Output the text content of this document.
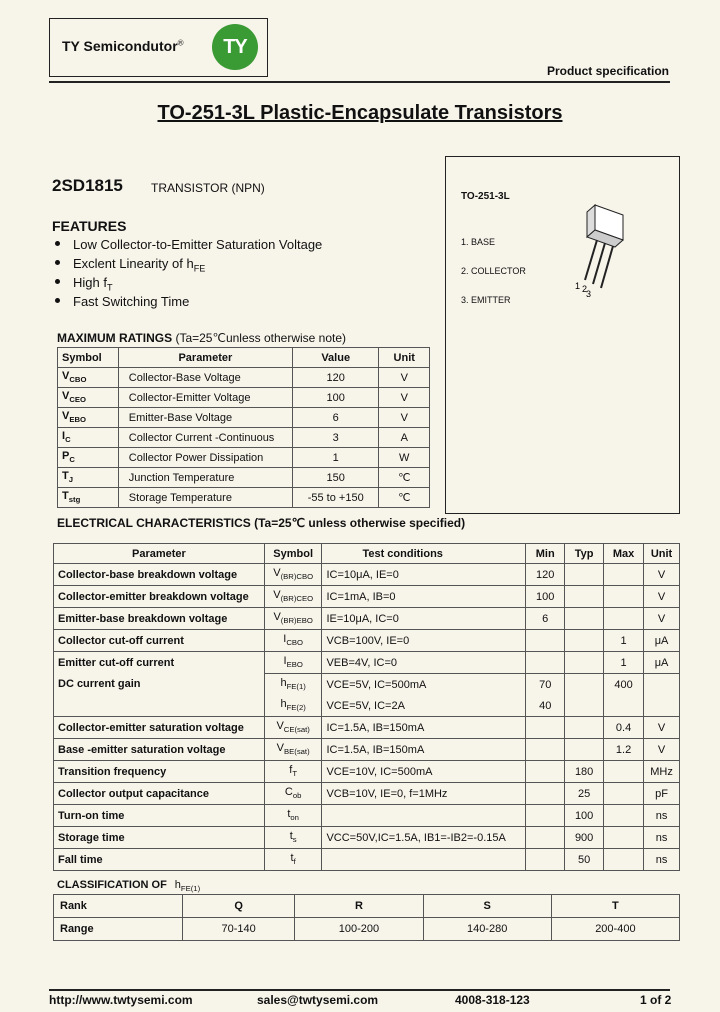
TY Semicondutor®	TY
Product specification
TO-251-3L Plastic-Encapsulate Transistors
2SD1815 TRANSISTOR (NPN)
FEATURES
Low Collector-to-Emitter Saturation Voltage
Exclent Linearity of $h_{FE}$
High $f_T$
Fast Switching Time
TO-251-3L
1. BASE
2. COLLECTOR
3. EMITTER
1 2
3
MAXIMUM RATINGS (Ta=25℃unless otherwise note)
Symbol	Parameter	Value	Unit
$V_{CBO}$	Collector-Base Voltage	120	V
$V_{CEO}$	Collector-Emitter Voltage	100	V
$V_{EBO}$	Emitter-Base Voltage	6	V
$I_C$	Collector Current -Continuous	3	A
$P_C$	Collector Power Dissipation	1	W
$T_J$	Junction Temperature	150	℃
$T_{stg}$	Storage Temperature	-55 to +150	℃
ELECTRICAL CHARACTERISTICS (Ta=25℃ unless otherwise specified)
Parameter	Symbol	Test conditions	Min	Typ	Max	Unit
Collector-base breakdown voltage	$V_{(BR)CBO}$	IC=10μA, IE=0	120			V
Collector-emitter breakdown voltage	$V_{(BR)CEO}$	IC=1mA, IB=0	100			V
Emitter-base breakdown voltage	$V_{(BR)EBO}$	IE=10μA, IC=0	6			V
Collector cut-off current	$I_{CBO}$	VCB=100V, IE=0			1	μA
Emitter cut-off current	$I_{EBO}$	VEB=4V, IC=0			1	μA
DC current gain	$h_{FE(1)}$	VCE=5V, IC=500mA	70		400	
	$h_{FE(2)}$	VCE=5V, IC=2A	40			
Collector-emitter saturation voltage	$V_{CE(sat)}$	IC=1.5A, IB=150mA			0.4	V
Base -emitter saturation voltage	$V_{BE(sat)}$	IC=1.5A, IB=150mA			1.2	V
Transition frequency	$f_T$	VCE=10V, IC=500mA		180		MHz
Collector output capacitance	$C_{ob}$	VCB=10V, IE=0, f=1MHz		25		pF
Turn-on time	$t_{on}$			100		ns
Storage time	$t_s$	VCC=50V,IC=1.5A, IB1=-IB2=-0.15A		900		ns
Fall time	$t_f$			50		ns
CLASSIFICATION OF $h_{FE(1)}$
Rank	Q	R	S	T
Range	70-140	100-200	140-280	200-400
http://www.twtysemi.com	sales@twtysemi.com	4008-318-123	1 of 2
